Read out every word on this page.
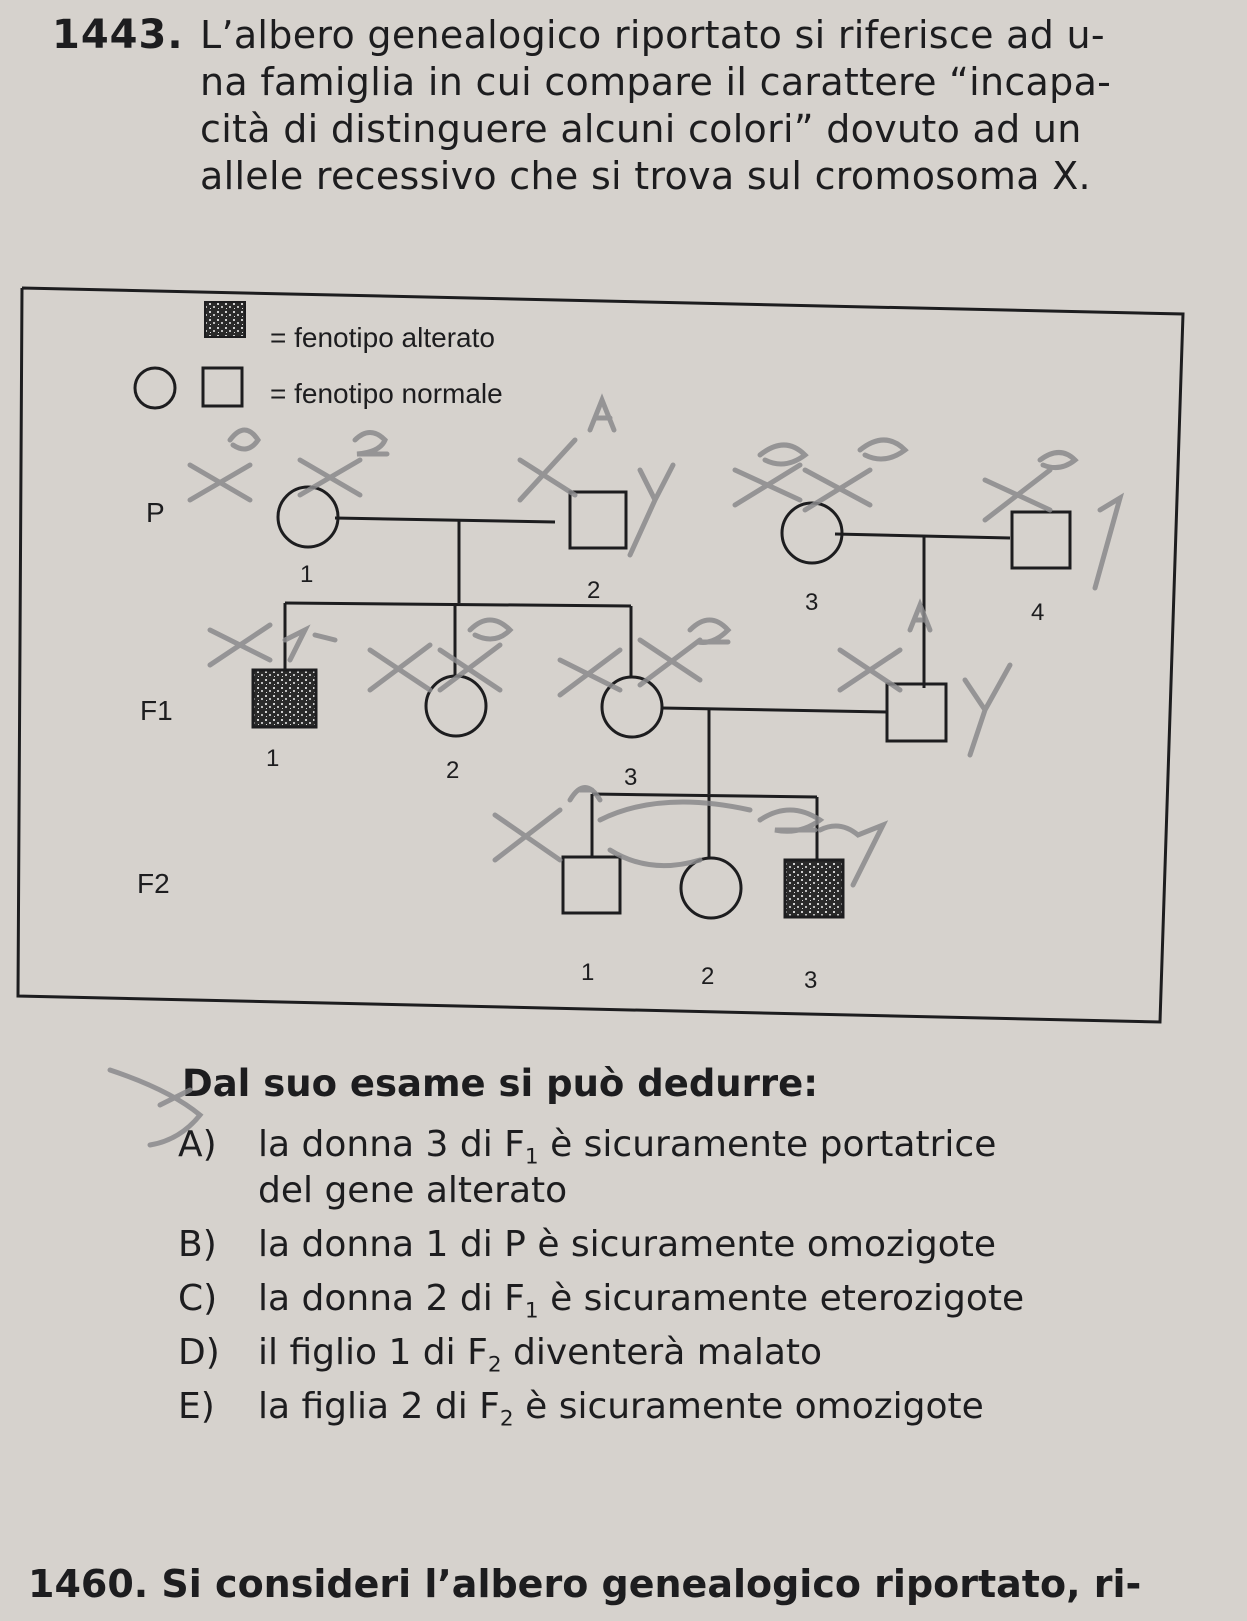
1443. L’albero genealogico riportato si riferisce ad u-
na famiglia in cui compare il carattere “incapa-
cità di distinguere alcuni colori” dovuto ad un
allele recessivo che si trova sul cromosoma X.
= fenotipo alterato
= fenotipo normale
P
F1
F2
1
2	3	4
1	2	3
1	2	3
Dal suo esame si può dedurre:
A) la donna 3 di $F_1$ è sicuramente portatrice
del gene alterato
B) la donna 1 di P è sicuramente omozigote
C) la donna 2 di $F_1$ è sicuramente eterozigote
D) il figlio 1 di $F_2$ diventerà malato
E) la figlia 2 di $F_2$ è sicuramente omozigote
1460. Si consideri l’albero genealogico riportato, ri-
